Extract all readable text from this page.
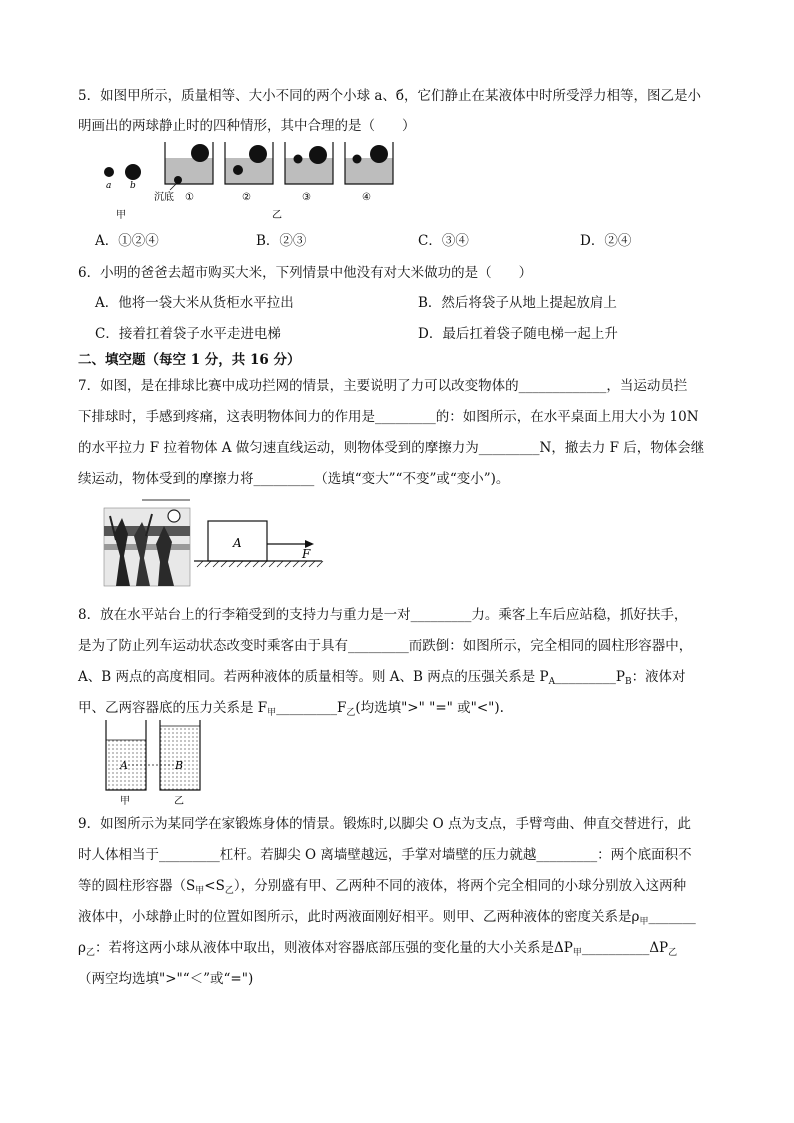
5．如图甲所示，质量相等、大小不同的两个小球 a、б，它们静止在某液体中时所受浮力相等，图乙是小
明画出的两球静止时的四种情形，其中合理的是（　　）
a b
甲
沉底 ①	②	③
乙
④
A．①②④	B．②③	C．③④	D．②④
6．小明的爸爸去超市购买大米，下列情景中他没有对大米做功的是（　　）
A．他将一袋大米从货柜水平拉出	B．然后将袋子从地上提起放肩上
C．接着扛着袋子水平走进电梯	D．最后扛着袋子随电梯一起上升
二、填空题（每空 1 分，共 16 分）
7．如图，是在排球比赛中成功拦网的情景，主要说明了力可以改变物体的_____________，当运动员拦
下排球时，手感到疼痛，这表明物体间力的作用是_________的：如图所示，在水平桌面上用大小为 10N
的水平拉力 F 拉着物体 A 做匀速直线运动，则物体受到的摩擦力为_________N，撤去力 F 后，物体会继
续运动，物体受到的摩擦力将_________（选填“变大”“不变”或“变小”)。
A
F
8．放在水平站台上的行李箱受到的支持力与重力是一对_________力。乘客上车后应站稳，抓好扶手，
是为了防止列车运动状态改变时乘客由于具有_________而跌倒：如图所示，完全相同的圆柱形容器中，
A、B 两点的高度相同。若两种液体的质量相等。则 A、B 两点的压强关系是 $P_A\_\_\_\_\_\_\_\_\_P_B$：液体对
甲、乙两容器底的压力关系是 $F_甲\_\_\_\_\_\_\_\_\_F_乙$(均选填">" "=" 或"<").
A	B
甲	乙
9．如图所示为某同学在家锻炼身体的情景。锻炼时,以脚尖 O 点为支点，手臂弯曲、伸直交替进行，此
时人体相当于_________杠杆。若脚尖 O 离墙壁越远，手掌对墙壁的压力就越_________：两个底面积不
等的圆柱形容器$(S_甲<S_乙)$，分别盛有甲、乙两种不同的液体，将两个完全相同的小球分别放入这两种
液体中，小球静止时的位置如图所示，此时两液面刚好相平。则甲、乙两种液体的密度关系是$\rho_甲\_\_\_\_\_\_\_$
$\rho_乙$：若将这两小球从液体中取出，则液体对容器底部压强的变化量的大小关系是$\Delta P_甲\_\_\_\_\_\_\_\_\_\_\Delta P_乙$
（两空均选填">"“＜”或“=")
